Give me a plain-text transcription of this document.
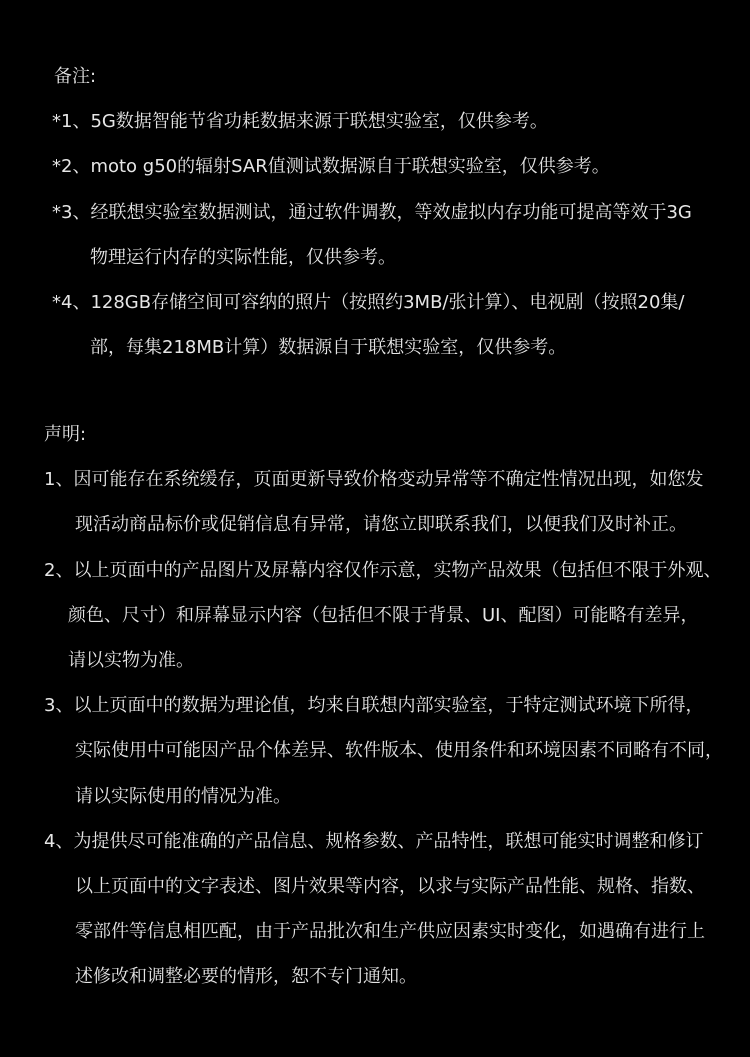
备注:
*1、5G数据智能节省功耗数据来源于联想实验室，仅供参考。
*2、moto g50的辐射SAR值测试数据源自于联想实验室，仅供参考。
*3、经联想实验室数据测试，通过软件调教，等效虚拟内存功能可提高等效于3G
物理运行内存的实际性能，仅供参考。
*4、128GB存储空间可容纳的照片（按照约3MB/张计算）、电视剧（按照20集/
部，每集218MB计算）数据源自于联想实验室，仅供参考。
声明:
1、因可能存在系统缓存，页面更新导致价格变动异常等不确定性情况出现，如您发
现活动商品标价或促销信息有异常，请您立即联系我们，以便我们及时补正。
2、以上页面中的产品图片及屏幕内容仅作示意，实物产品效果（包括但不限于外观、
颜色、尺寸）和屏幕显示内容（包括但不限于背景、UI、配图）可能略有差异，
请以实物为准。
3、以上页面中的数据为理论值，均来自联想内部实验室，于特定测试环境下所得，
实际使用中可能因产品个体差异、软件版本、使用条件和环境因素不同略有不同，
请以实际使用的情况为准。
4、为提供尽可能准确的产品信息、规格参数、产品特性，联想可能实时调整和修订
以上页面中的文字表述、图片效果等内容，以求与实际产品性能、规格、指数、
零部件等信息相匹配，由于产品批次和生产供应因素实时变化，如遇确有进行上
述修改和调整必要的情形，恕不专门通知。
